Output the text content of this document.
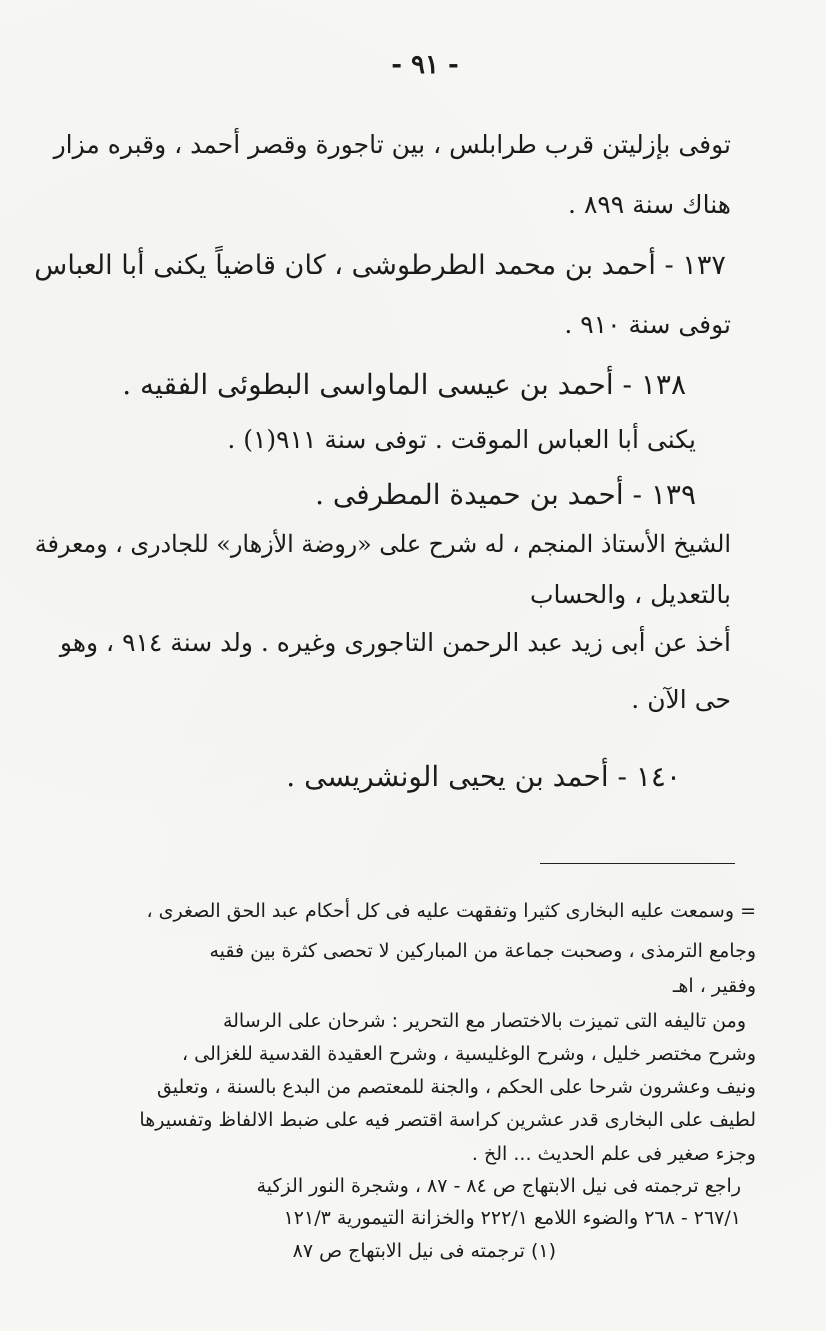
- ٩١ -
توفى بإزليتن قرب طرابلس ، بين تاجورة وقصر أحمد ، وقبره مزار
هناك سنة ٨٩٩ .
١٣٧ - أحمد بن محمد الطرطوشى ، كان قاضياً يكنى أبا العباس
توفى سنة ٩١٠ .
١٣٨ - أحمد بن عيسى الماواسى البطوئى الفقيه .
يكنى أبا العباس الموقت . توفى سنة ٩١١(١) .
١٣٩ - أحمد بن حميدة المطرفى .
الشيخ الأستاذ المنجم ، له شرح على «روضة الأزهار» للجادرى ، ومعرفة
بالتعديل ، والحساب
أخذ عن أبى زيد عبد الرحمن التاجورى وغيره . ولد سنة ٩١٤ ، وهو
حى الآن .
١٤٠ - أحمد بن يحيى الونشريسى .
= وسمعت عليه البخارى كثيرا وتفقهت عليه فى كل أحكام عبد الحق الصغرى ،
وجامع الترمذى ، وصحبت جماعة من المباركين لا تحصى كثرة بين فقيه
وفقير ، اهـ
ومن تاليفه التى تميزت بالاختصار مع التحرير : شرحان على الرسالة
وشرح مختصر خليل ، وشرح الوغليسية ، وشرح العقيدة القدسية للغزالى ،
ونيف وعشرون شرحا على الحكم ، والجنة للمعتصم من البدع بالسنة ، وتعليق
لطيف على البخارى قدر عشرين كراسة اقتصر فيه على ضبط الالفاظ وتفسيرها
وجزء صغير فى علم الحديث ... الخ .
راجع ترجمته فى نيل الابتهاج ص ٨٤ - ٨٧ ، وشجرة النور الزكية
٢٦٧/١ - ٢٦٨ والضوء اللامع ٢٢٢/١ والخزانة التيمورية ١٢١/٣
(١) ترجمته فى نيل الابتهاج ص ٨٧
